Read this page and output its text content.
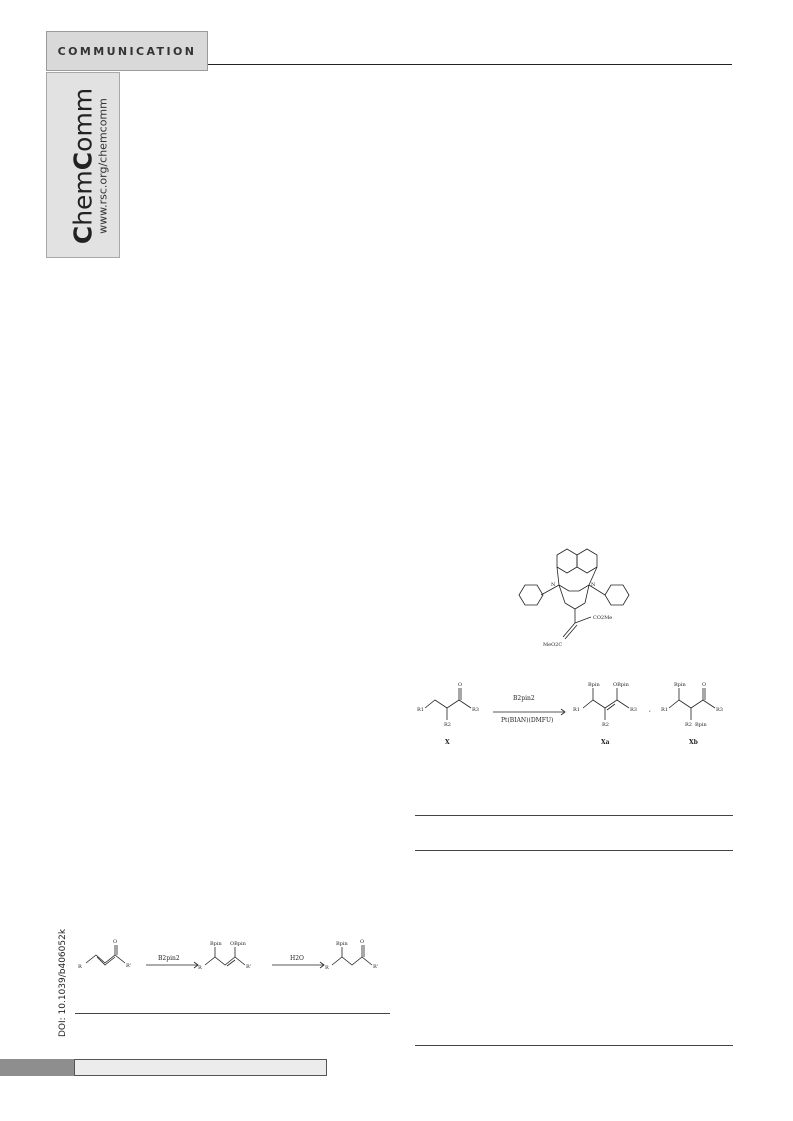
COMMUNICATION
ChemComm www.rsc.org/chemcomm
DOI: 10.1039/b406052k R	R'
O
B2pin2
R
Bpin OBpin
R'
H2O
R
Bpin O
R'
N	N
CO2Me
MeO2C
R1
R2
R3
O
X
B2pin2
Pt(BIAN)(DMFU)
R1
Bpin	OBpin
R2
R3
Xa
, R1
Bpin	O
R2 Bpin
R3
Xb
